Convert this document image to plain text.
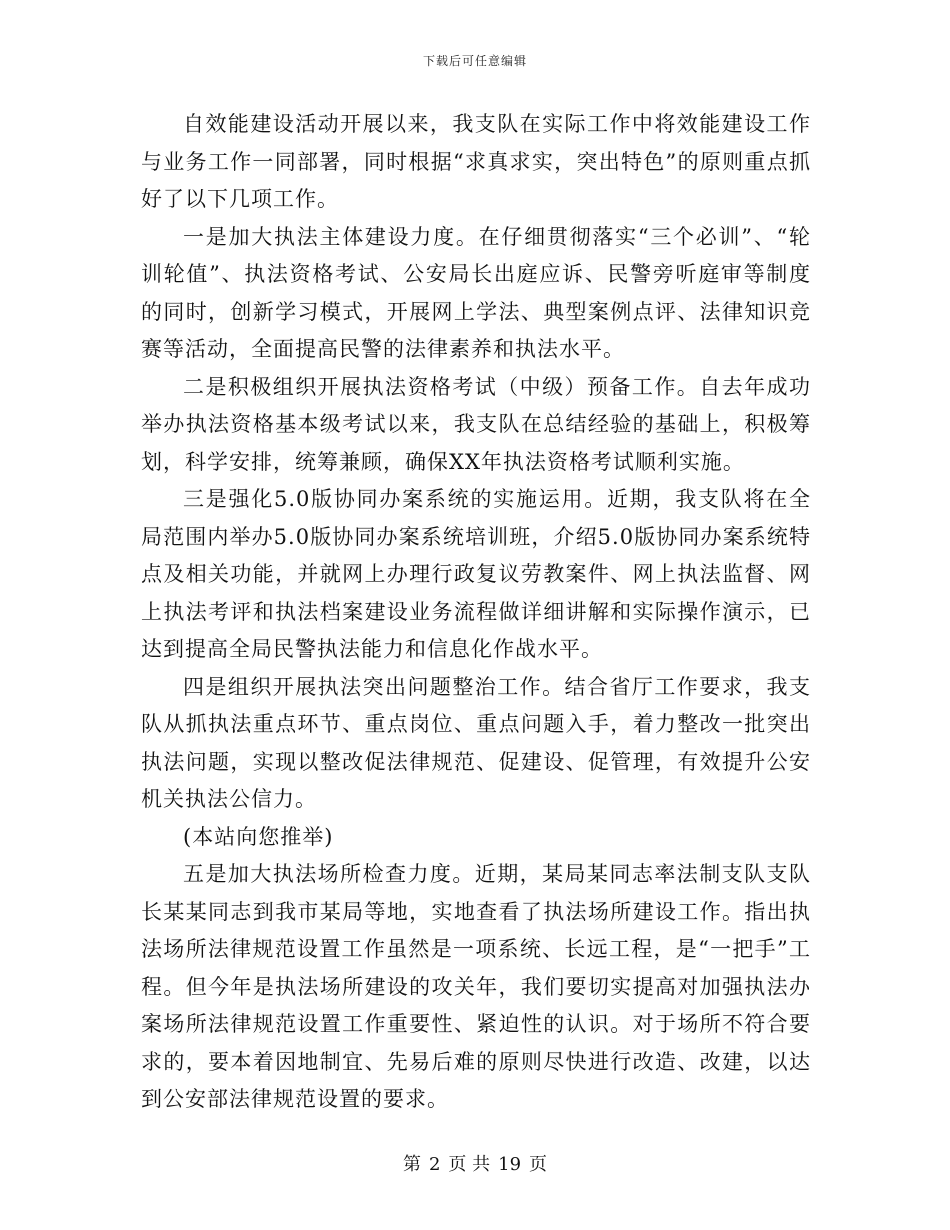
下载后可任意编辑

自效能建设活动开展以来，我支队在实际工作中将效能建设工作与业务工作一同部署，同时根据“求真求实，突出特色”的原则重点抓好了以下几项工作。

一是加大执法主体建设力度。在仔细贯彻落实“三个必训”、“轮训轮值”、执法资格考试、公安局长出庭应诉、民警旁听庭审等制度的同时，创新学习模式，开展网上学法、典型案例点评、法律知识竞赛等活动，全面提高民警的法律素养和执法水平。

二是积极组织开展执法资格考试（中级）预备工作。自去年成功举办执法资格基本级考试以来，我支队在总结经验的基础上，积极筹划，科学安排，统筹兼顾，确保XX年执法资格考试顺利实施。

三是强化5.0版协同办案系统的实施运用。近期，我支队将在全局范围内举办5.0版协同办案系统培训班，介绍5.0版协同办案系统特点及相关功能，并就网上办理行政复议劳教案件、网上执法监督、网上执法考评和执法档案建设业务流程做详细讲解和实际操作演示，已达到提高全局民警执法能力和信息化作战水平。

四是组织开展执法突出问题整治工作。结合省厅工作要求，我支队从抓执法重点环节、重点岗位、重点问题入手，着力整改一批突出执法问题，实现以整改促法律规范、促建设、促管理，有效提升公安机关执法公信力。

(本站向您推举)

五是加大执法场所检查力度。近期，某局某同志率法制支队支队长某某同志到我市某局等地，实地查看了执法场所建设工作。指出执法场所法律规范设置工作虽然是一项系统、长远工程，是“一把手”工程。但今年是执法场所建设的攻关年，我们要切实提高对加强执法办案场所法律规范设置工作重要性、紧迫性的认识。对于场所不符合要求的，要本着因地制宜、先易后难的原则尽快进行改造、改建，以达到公安部法律规范设置的要求。

第 2 页 共 19 页
